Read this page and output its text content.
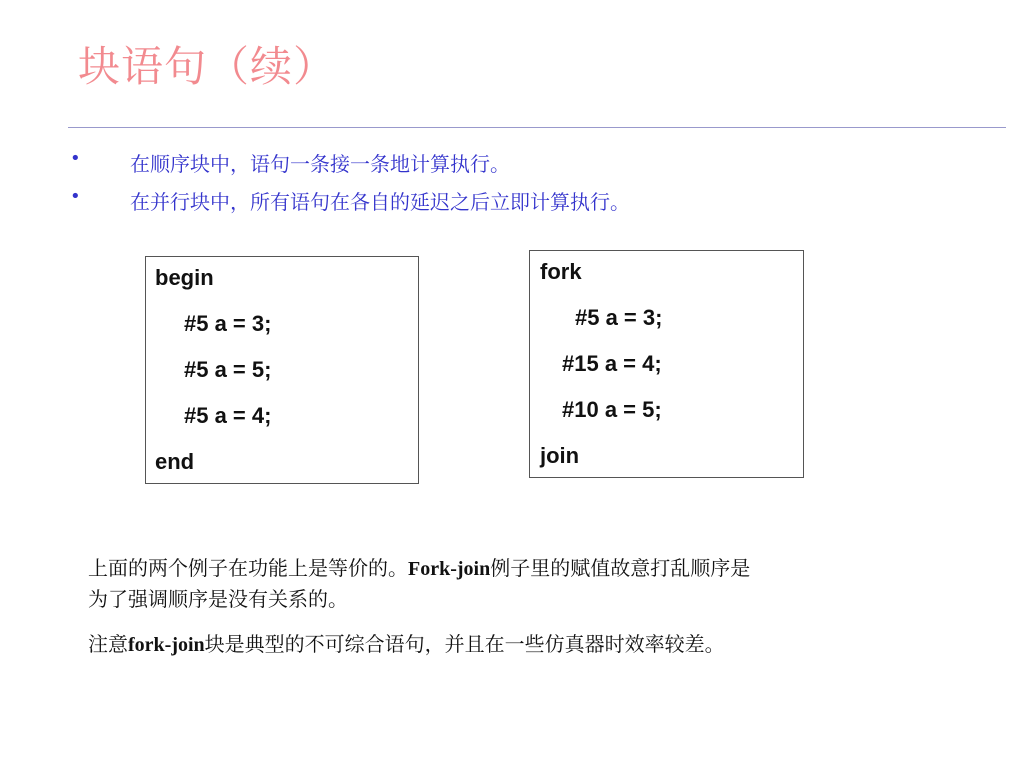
块语句（续）
• 在顺序块中，语句一条接一条地计算执行。
• 在并行块中，所有语句在各自的延迟之后立即计算执行。
begin
#5 a = 3;
#5 a = 5;
#5 a = 4;
end
fork
#5 a = 3;
#15 a = 4;
#10 a = 5;
join
上面的两个例子在功能上是等价的。Fork-join例子里的赋值故意打乱顺序是
为了强调顺序是没有关系的。
注意fork-join块是典型的不可综合语句，并且在一些仿真器时效率较差。
